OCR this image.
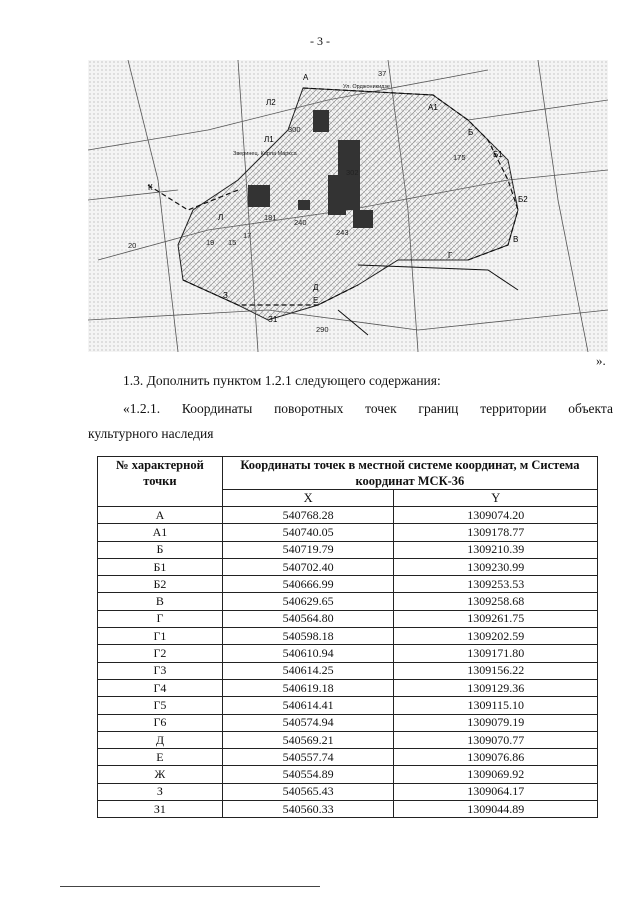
- 3 -
А
А1
Б
Б1
Б2
В
Г
Д
Е
З
З1
К
Л
Л1
Л2
37
300
302
175
181
240
243
15
17
19
20
290
Ул. Орджоникидзе
Зверинец. Карла Маркса
».
1.3. Дополнить пунктом 1.2.1 следующего содержания:
«1.2.1. Координаты поворотных точек границ территории объекта
культурного наследия
№ характерной точки	Координаты точек в местной системе координат, м Система координат МСК-36	
	X	Y
А	540768.28	1309074.20
А1	540740.05	1309178.77
Б	540719.79	1309210.39
Б1	540702.40	1309230.99
Б2	540666.99	1309253.53
В	540629.65	1309258.68
Г	540564.80	1309261.75
Г1	540598.18	1309202.59
Г2	540610.94	1309171.80
Г3	540614.25	1309156.22
Г4	540619.18	1309129.36
Г5	540614.41	1309115.10
Г6	540574.94	1309079.19
Д	540569.21	1309070.77
Е	540557.74	1309076.86
Ж	540554.89	1309069.92
З	540565.43	1309064.17
З1	540560.33	1309044.89
